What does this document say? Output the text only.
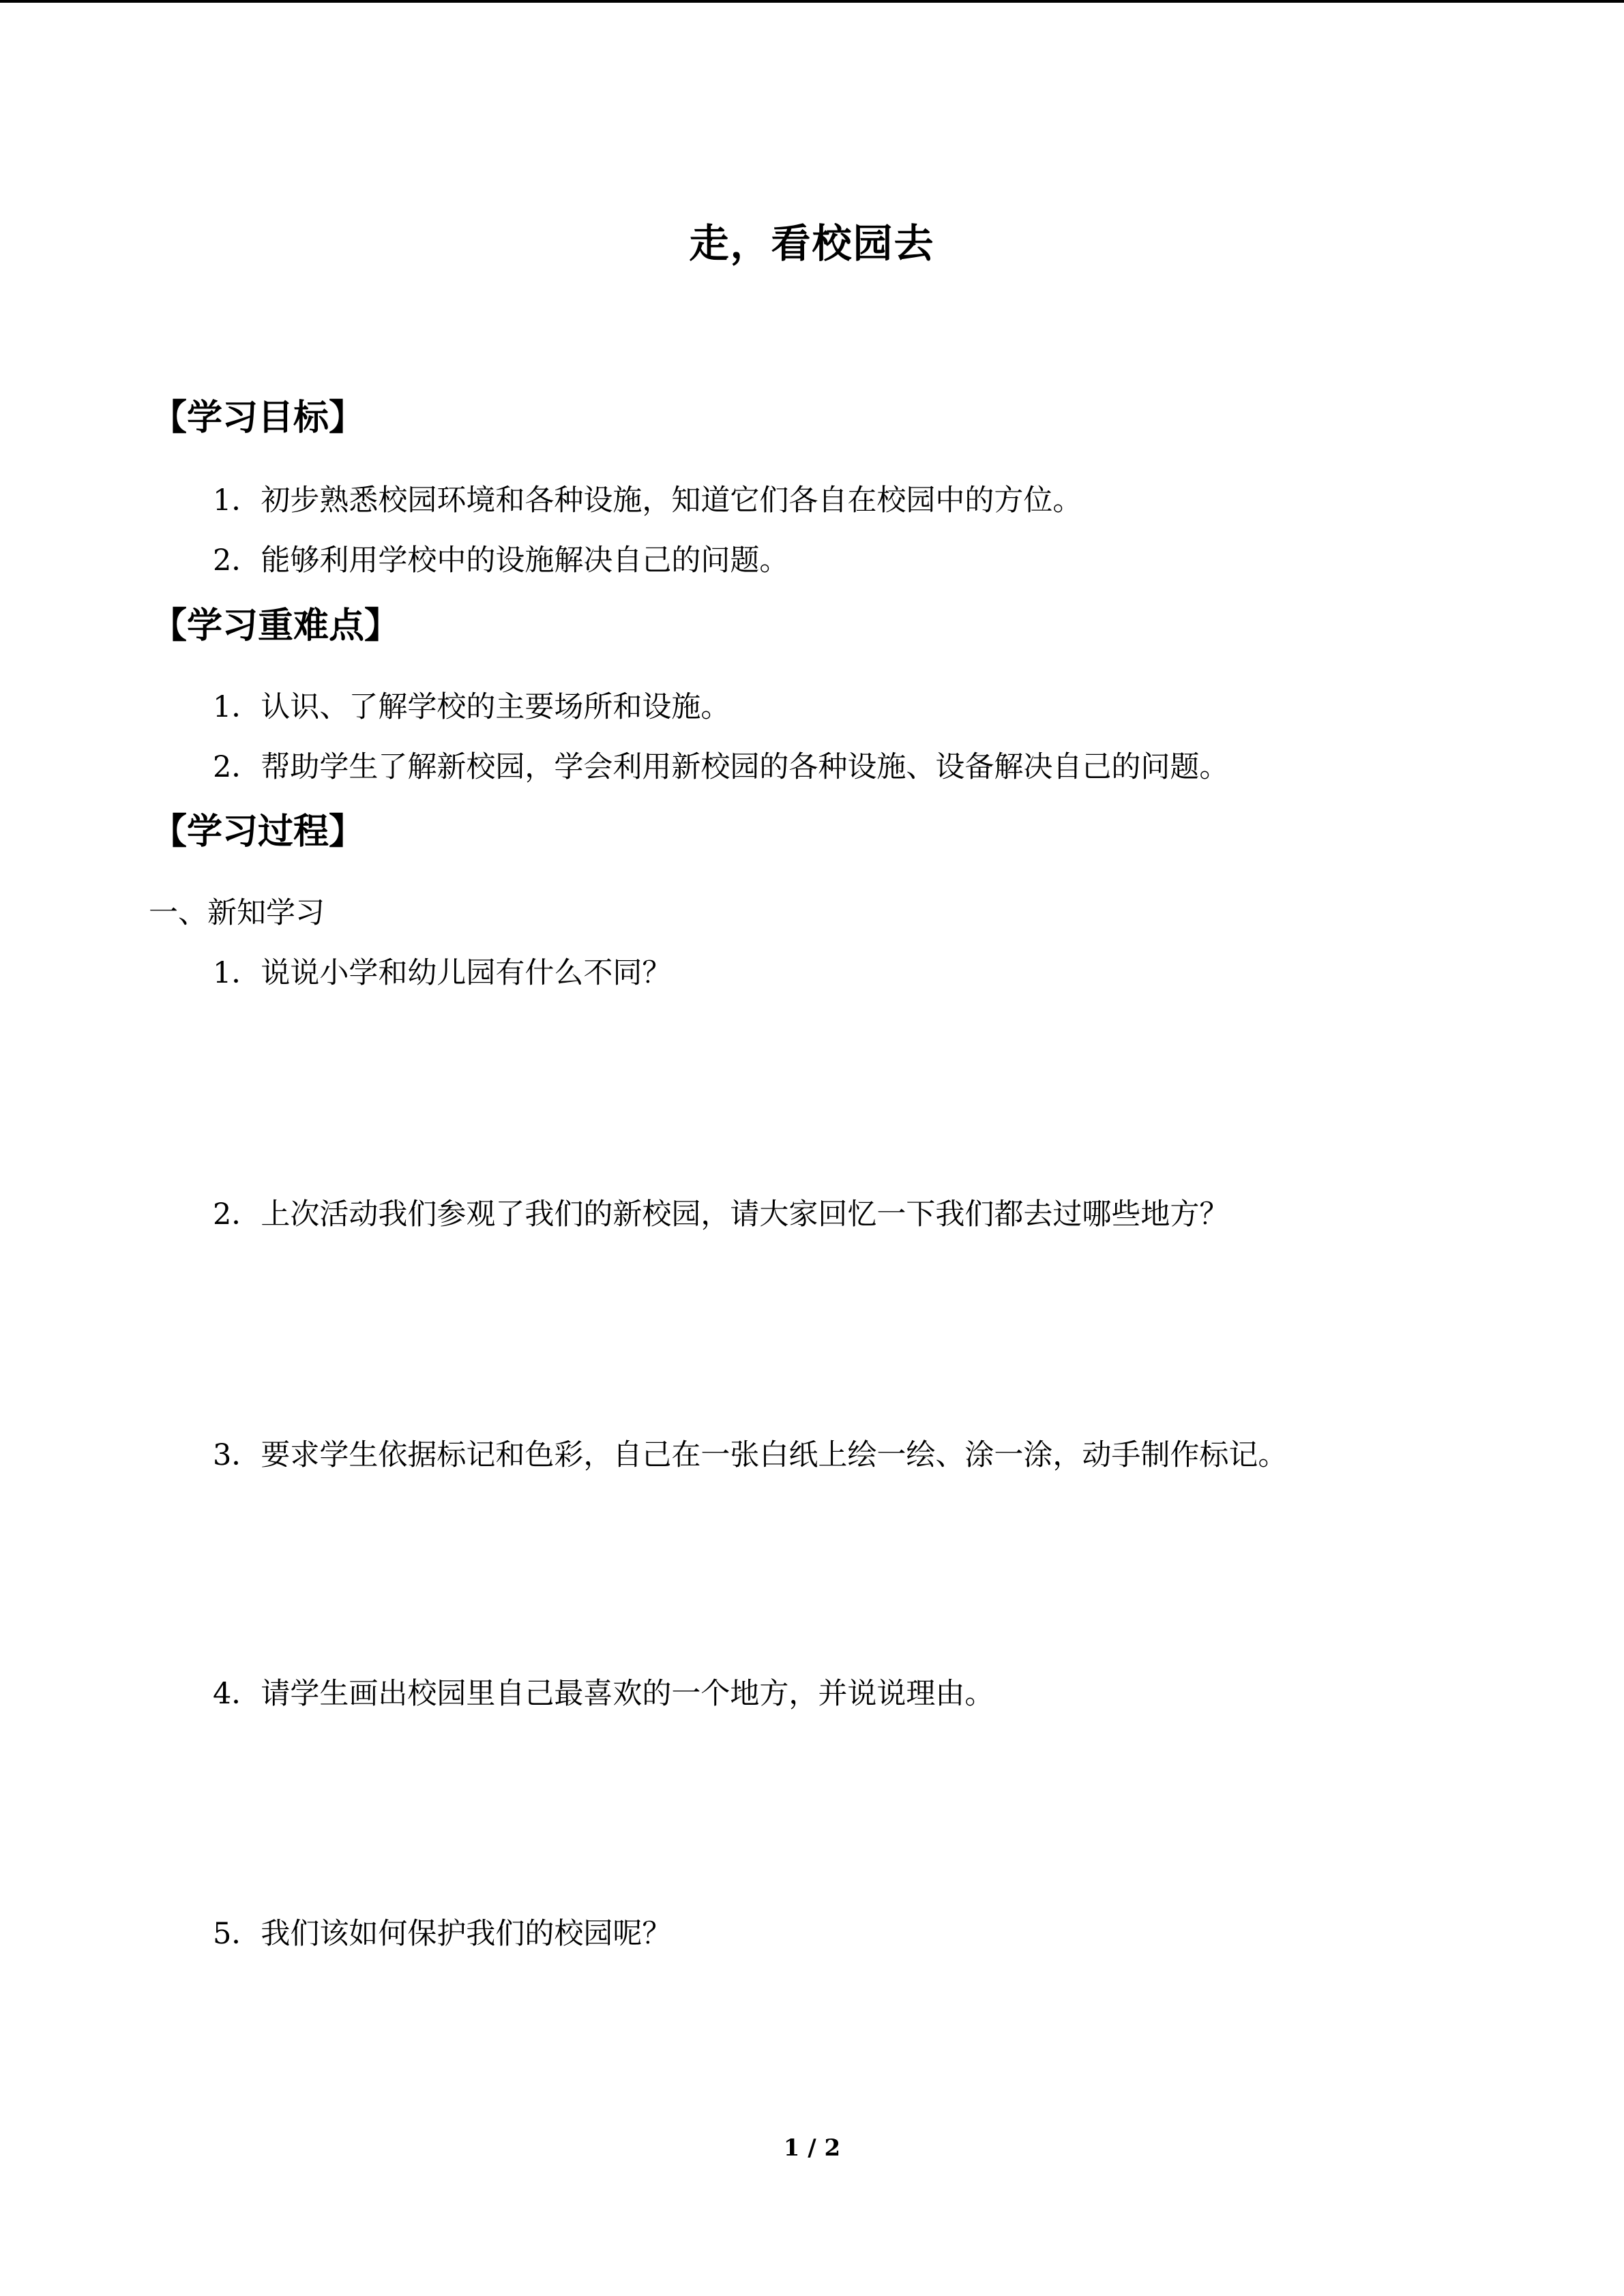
走，看校园去
【学习目标】
1．初步熟悉校园环境和各种设施，知道它们各自在校园中的方位。
2．能够利用学校中的设施解决自己的问题。
【学习重难点】
1．认识、了解学校的主要场所和设施。
2．帮助学生了解新校园，学会利用新校园的各种设施、设备解决自己的问题。
【学习过程】
一、新知学习
1．说说小学和幼儿园有什么不同？
2．上次活动我们参观了我们的新校园，请大家回忆一下我们都去过哪些地方？
3．要求学生依据标记和色彩，自己在一张白纸上绘一绘、涂一涂，动手制作标记。
4．请学生画出校园里自己最喜欢的一个地方，并说说理由。
5．我们该如何保护我们的校园呢？
1 / 2
